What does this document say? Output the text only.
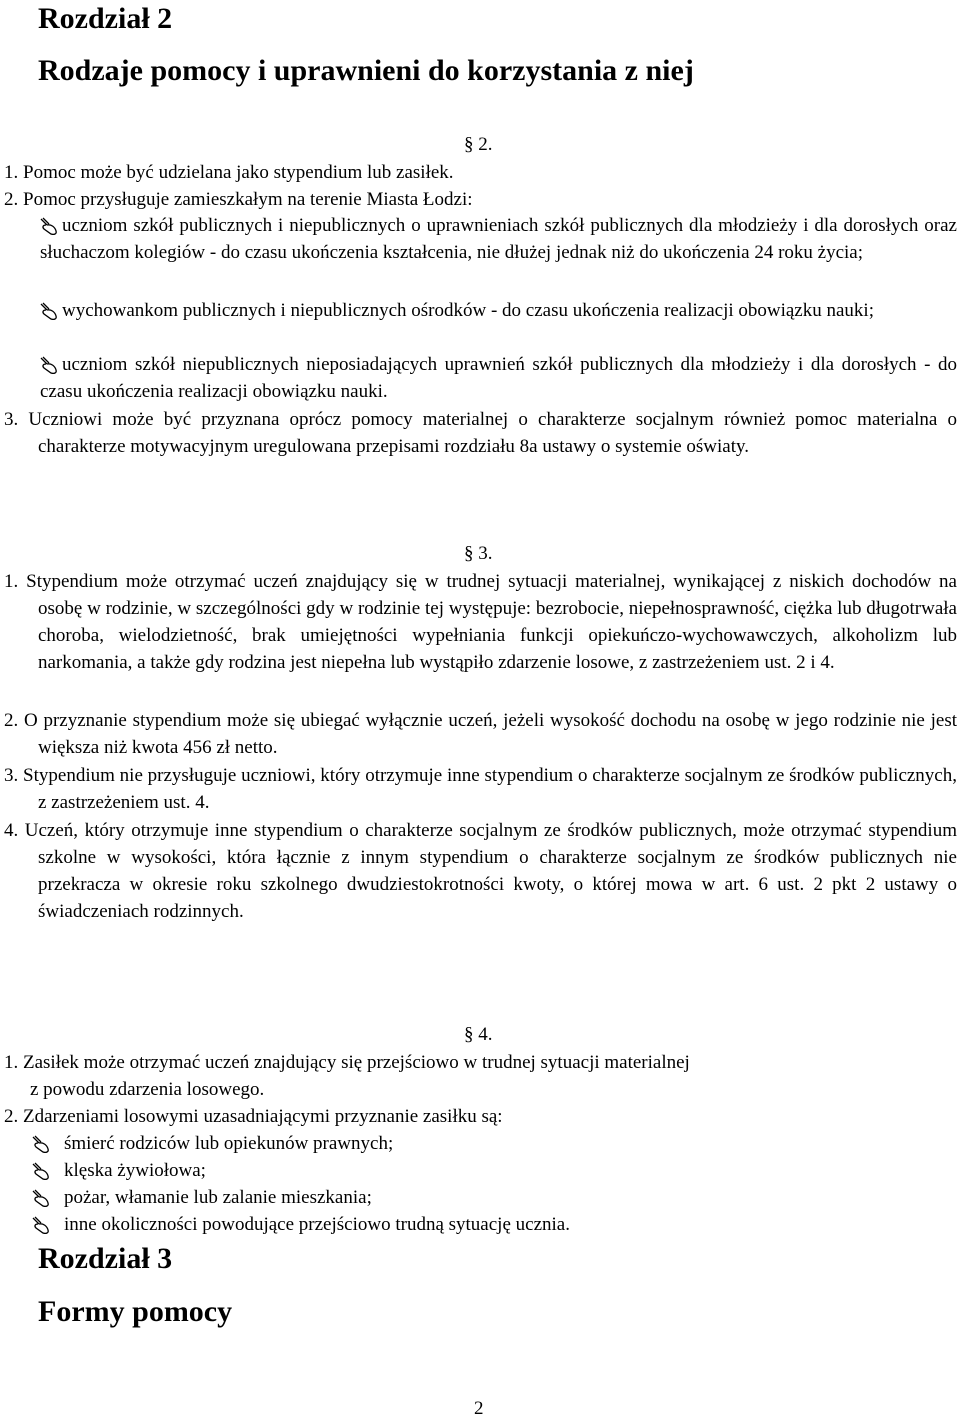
Rozdział 2
Rodzaje pomocy i uprawnieni do korzystania z niej
§ 2.
1. Pomoc może być udzielana jako stypendium lub zasiłek.
2. Pomoc przysługuje zamieszkałym na terenie Miasta Łodzi:
uczniom szkół publicznych i niepublicznych o uprawnieniach szkół publicznych dla młodzieży i dla dorosłych oraz słuchaczom kolegiów - do czasu ukończenia kształcenia, nie dłużej jednak niż do ukończenia 24 roku życia;
wychowankom publicznych i niepublicznych ośrodków - do czasu ukończenia realizacji obowiązku nauki;
uczniom szkół niepublicznych nieposiadających uprawnień szkół publicznych dla młodzieży i dla dorosłych - do czasu ukończenia realizacji obowiązku nauki.
3. Uczniowi może być przyznana oprócz pomocy materialnej o charakterze socjalnym również pomoc materialna o charakterze motywacyjnym uregulowana przepisami rozdziału 8a ustawy o systemie oświaty.
§ 3.
1. Stypendium może otrzymać uczeń znajdujący się w trudnej sytuacji materialnej, wynikającej z niskich dochodów na osobę w rodzinie, w szczególności gdy w rodzinie tej występuje: bezrobocie, niepełnosprawność, ciężka lub długotrwała choroba, wielodzietność, brak umiejętności wypełniania funkcji opiekuńczo-wychowawczych, alkoholizm lub narkomania, a także gdy rodzina jest niepełna lub wystąpiło zdarzenie losowe, z zastrzeżeniem ust. 2 i 4.
2. O przyznanie stypendium może się ubiegać wyłącznie uczeń, jeżeli wysokość dochodu na osobę w jego rodzinie nie jest większa niż kwota 456 zł netto.
3. Stypendium nie przysługuje uczniowi, który otrzymuje inne stypendium o charakterze socjalnym ze środków publicznych, z zastrzeżeniem ust. 4.
4. Uczeń, który otrzymuje inne stypendium o charakterze socjalnym ze środków publicznych, może otrzymać stypendium szkolne w wysokości, która łącznie z innym stypendium o charakterze socjalnym ze środków publicznych nie przekracza w okresie roku szkolnego dwudziestokrotności kwoty, o której mowa w art. 6 ust. 2 pkt 2 ustawy o świadczeniach rodzinnych.
§ 4.
1. Zasiłek może otrzymać uczeń znajdujący się przejściowo w trudnej sytuacji materialnej
z powodu zdarzenia losowego.
2. Zdarzeniami losowymi uzasadniającymi przyznanie zasiłku są:
śmierć rodziców lub opiekunów prawnych;
klęska żywiołowa;
pożar, włamanie lub zalanie mieszkania;
inne okoliczności powodujące przejściowo trudną sytuację ucznia.
Rozdział 3
Formy pomocy
2
